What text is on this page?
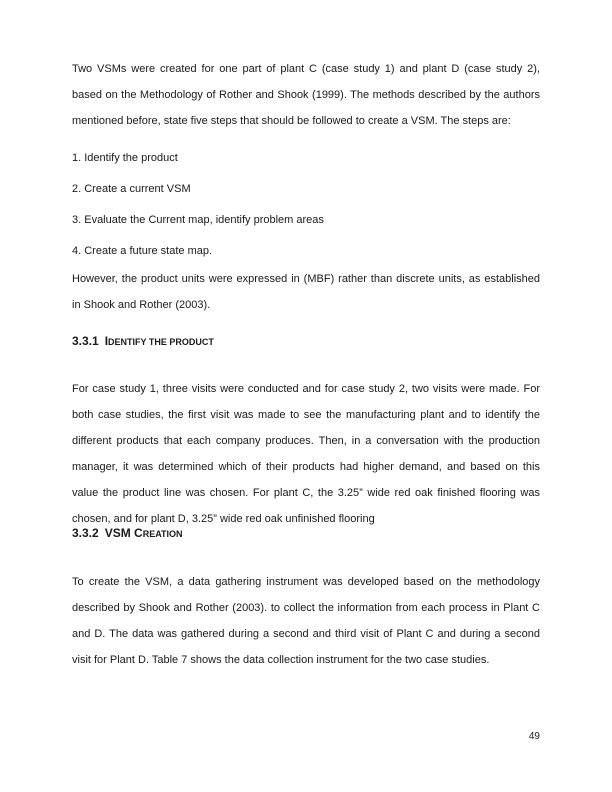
Two VSMs were created for one part of plant C (case study 1) and plant D (case study 2), based on the Methodology of Rother and Shook (1999). The methods described by the authors mentioned before, state five steps that should be followed to create a VSM. The steps are:

1. Identify the product
2. Create a current VSM
3. Evaluate the Current map, identify problem areas
4. Create a future state map.

However, the product units were expressed in (MBF) rather than discrete units, as established in Shook and Rother (2003).

3.3.1 IDENTIFY THE PRODUCT

For case study 1, three visits were conducted and for case study 2, two visits were made. For both case studies, the first visit was made to see the manufacturing plant and to identify the different products that each company produces. Then, in a conversation with the production manager, it was determined which of their products had higher demand, and based on this value the product line was chosen. For plant C, the 3.25” wide red oak finished flooring was chosen, and for plant D, 3.25” wide red oak unfinished flooring

3.3.2 VSM CREATION

To create the VSM, a data gathering instrument was developed based on the methodology described by Shook and Rother (2003). to collect the information from each process in Plant C and D. The data was gathered during a second and third visit of Plant C and during a second visit for Plant D. Table 7 shows the data collection instrument for the two case studies.

49
